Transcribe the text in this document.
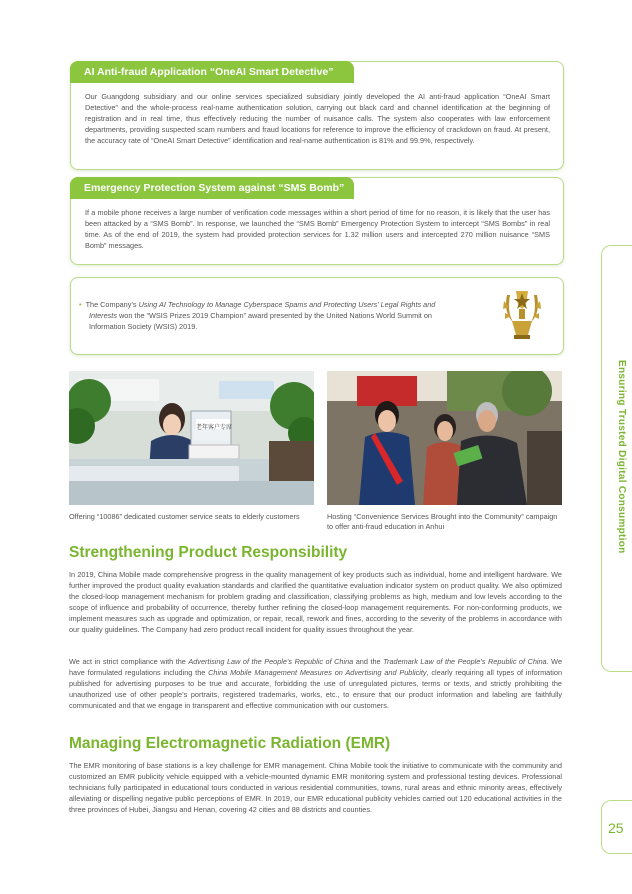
AI Anti-fraud Application “OneAI Smart Detective”

Our Guangdong subsidiary and our online services specialized subsidiary jointly developed the AI anti-fraud application “OneAI Smart Detective” and the whole-process real-name authentication solution, carrying out black card and channel identification at the beginning of registration and in real time, thus effectively reducing the number of nuisance calls. The system also cooperates with law enforcement departments, providing suspected scam numbers and fraud locations for reference to improve the efficiency of crackdown on fraud. At present, the accuracy rate of “OneAI Smart Detective” identification and real-name authentication is 81% and 99.9%, respectively.

Emergency Protection System against “SMS Bomb”

If a mobile phone receives a large number of verification code messages within a short period of time for no reason, it is likely that the user has been attacked by a “SMS Bomb”. In response, we launched the “SMS Bomb” Emergency Protection System to intercept “SMS Bombs” in real time. As of the end of 2019, the system had provided protection services for 1.32 million users and intercepted 270 million nuisance “SMS Bomb” messages.

• The Company’s Using AI Technology to Manage Cyberspace Spams and Protecting Users’ Legal Rights and Interests won the “WSIS Prizes 2019 Champion” award presented by the United Nations World Summit on Information Society (WSIS) 2019.
老年客户专席
Offering “10086” dedicated customer service seats to elderly customers	Hosting “Convenience Services Brought into the Community” campaign to offer anti-fraud education in Anhui
Strengthening Product Responsibility

In 2019, China Mobile made comprehensive progress in the quality management of key products such as individual, home and intelligent hardware. We further improved the product quality evaluation standards and clarified the quantitative evaluation indicator system on product quality. We also optimized the closed-loop management mechanism for problem grading and classification, classifying problems as high, medium and low levels according to the scope of influence and probability of occurrence, thereby further refining the closed-loop management requirements. For non-conforming products, we implement measures such as upgrade and optimization, or repair, recall, rework and fines, according to the severity of the problems in accordance with our quality guidelines. The Company had zero product recall incident for quality issues throughout the year.

We act in strict compliance with the Advertising Law of the People’s Republic of China and the Trademark Law of the People’s Republic of China. We have formulated regulations including the China Mobile Management Measures on Advertising and Publicity, clearly requiring all types of information published for advertising purposes to be true and accurate, forbidding the use of unregulated pictures, terms or texts, and strictly prohibiting the unauthorized use of other people’s portraits, registered trademarks, works, etc., to ensure that our product information and labeling are faithfully communicated and that we engage in transparent and effective communication with our customers.

Managing Electromagnetic Radiation (EMR)

The EMR monitoring of base stations is a key challenge for EMR management. China Mobile took the initiative to communicate with the community and customized an EMR publicity vehicle equipped with a vehicle-mounted dynamic EMR monitoring system and professional testing devices. Professional technicians fully participated in educational tours conducted in various residential communities, towns, rural areas and ethnic minority areas, effectively alleviating or dispelling negative public perceptions of EMR. In 2019, our EMR educational publicity vehicles carried out 120 educational activities in the three provinces of Hubei, Jiangsu and Henan, covering 42 cities and 88 districts and counties.

Ensuring Trusted Digital Consumption
25
